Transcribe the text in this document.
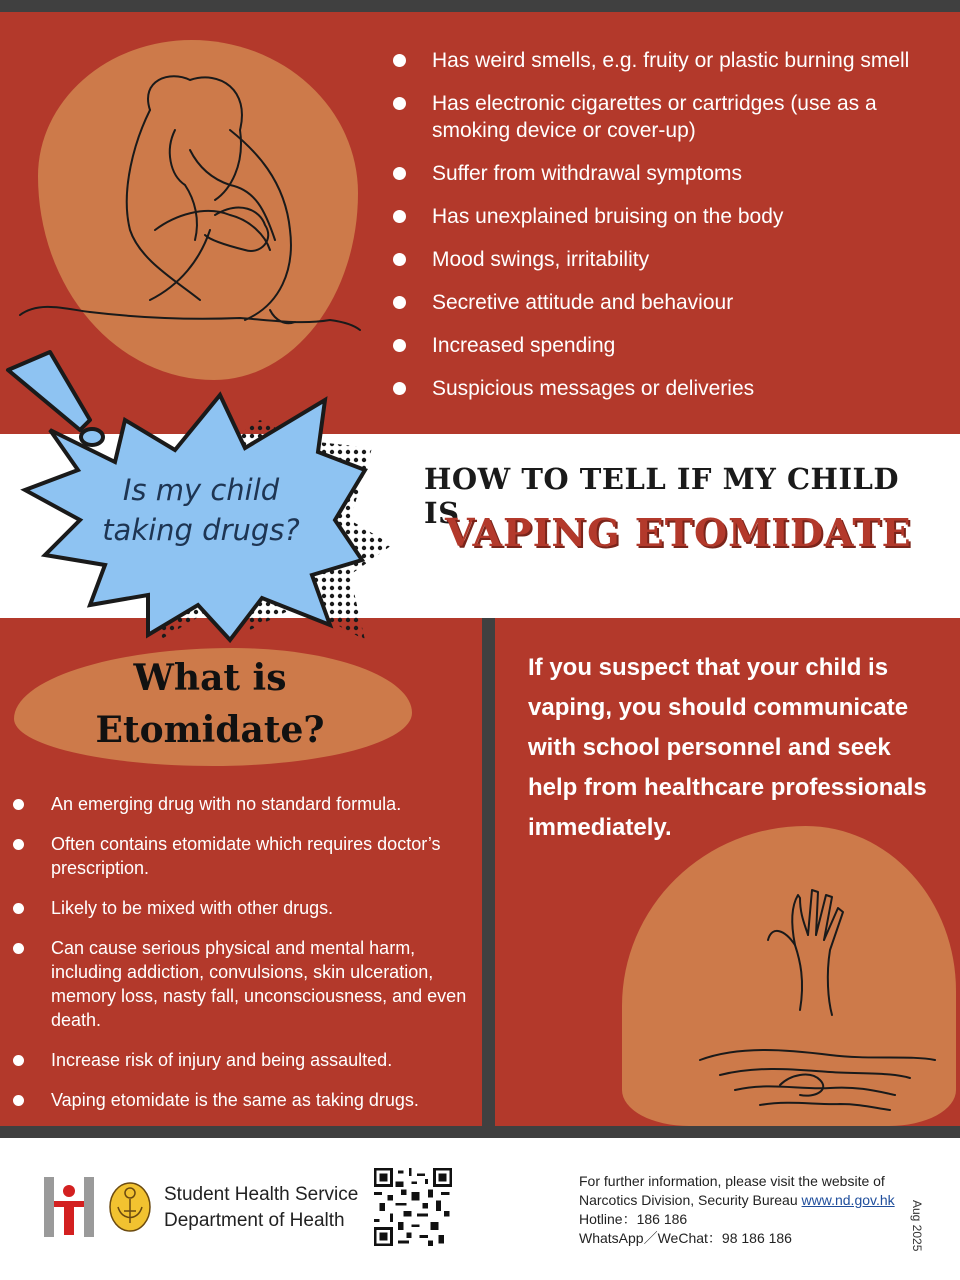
Has weird smells, e.g. fruity or plastic burning smell
Has electronic cigarettes or cartridges (use as a smoking device or cover-up)
Suffer from withdrawal symptoms
Has unexplained bruising on the body
Mood swings, irritability
Secretive attitude and behaviour
Increased spending
Suspicious messages or deliveries
HOW TO TELL IF MY CHILD IS
VAPING ETOMIDATE
Is my child taking drugs?
What is Etomidate?
An emerging drug with no standard formula.
Often contains etomidate which requires doctor’s prescription.
Likely to be mixed with other drugs.
Can cause serious physical and mental harm, including addiction, convulsions, skin ulceration, memory loss, nasty fall, unconsciousness, and even death.
Increase risk of injury and being assaulted.
Vaping etomidate is the same as taking drugs.
If you suspect that your child is vaping, you should communicate with school personnel and seek help from healthcare professionals immediately.
Student Health Service
Department of Health
For further information, please visit the website of
Narcotics Division, Security Bureau www.nd.gov.hk
Hotline：186 186
WhatsApp／WeChat：98 186 186	Aug 2025
